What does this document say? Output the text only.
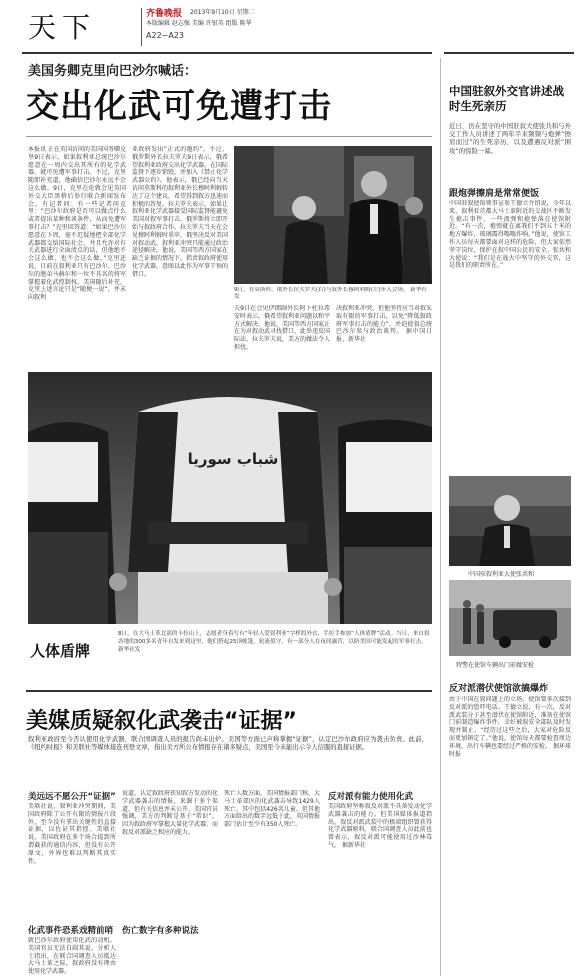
天下	齐鲁晚报 2013年9月10日 星期二
本版编辑 赵志强 美编 许银英 组版 陈华
A22~A23
美国务卿克里向巴沙尔喊话：
交出化武可免遭打击
本报讯 正在英国访问的美国国务卿克里9日表示，如果叙利亚总统巴沙尔愿意在一周内交出其所有的化学武器，就可免遭军事打击。不过，克里随即补充道，他确信巴沙尔永远不会这么做。9日，克里在伦敦会见英国外交大臣黑格后举行联合新闻发布会。有记者问：有一些记者问克里：“巴沙尔政府是否可以做点什么或者提出某种和谈条件，从而免遭军事打击？”克里回答道：“如果巴沙尔愿意在下周，毫不迟疑地把全部化学武器都交给国际社会，并且允许对有关武器进行全面清点的话，但他绝不会这么做，也不会这么做。”克里还说，目前在叙利亚只有巴沙尔、巴沙尔的胞弟马赫尔和一位不具名的将军掌握着化武控制权。美国随后补充，克里上述言论只是“随便一说”，并未向叙利
亚政府发出“正式的邀约”。不过，俄罗斯外长拉夫罗夫9日表示，俄希望叙利亚政府交出化学武器，在国际监督下逐步销毁，并加入《禁止化学武器公约》。他表示，俄已经向当天访问莫斯科的叙利亚外长穆阿利姆转达了这个建议，希望得到叙方迅速而积极的答复。拉夫罗夫表示，如果让叙利亚化学武器接受国际监督能避免美国对叙军事打击，俄罗斯将立即开始与叙政府合作。拉夫罗夫当天在会见穆阿利姆时重申，俄坚决反对美国对叙动武，叙利亚冲突只能通过政治途径解决。他说，美国等西方国家在缺乏证据的情况下，指责叙政府使用化学武器，意图以此作为军事干预的借口。
9日，在莫斯科，俄外长拉夫罗夫(右)与叙外长穆阿利姆(左)步入会场。 新华社发
夫9日在会见伊朗副外长阿卜杜拉希安时表示，俄希望叙利亚问题以和平方式解决。他说，美国等西方国家正在为对叙动武寻找借口，此举违反国际法。拉夫罗夫说，美方的做法令人担忧。
决叙利亚冲突，但他坚持应当对叙采取有限的军事打击，以免“降低叙政府军事打击的能力”，并迫使叙总统巴沙尔参与政治谈判。 据中国日报、新华社
شباب سوريا
人体盾牌
8日，在大马士革北部的卡拉山上，志愿者身着写有“年轻人爱叙利亚”字样的外衣，手拉手参加“人体盾牌”活动。当日，来自叙各地的300多名青年自发来到这里，他们搭起25顶帐篷，轮流值守，有一部分人在夜间露营，以防美国可能发起的军事打击。 新华社发
美媒质疑叙化武袭击“证据”
叙利亚政府至今否认使用化学武器，联合国调查人员的报告尚未出炉。美国等方面已声称掌握“证据”，认定巴沙尔政府应为袭击负责。此前，《纽约时报》和美联社等媒体接连刊登文章，指出美方所公布情报存在诸多疑点，美国至今未能出示令人信服的直接证据。
美远远不愿公开“证据”
美联社说，叙利亚冲突期间，美国政府除了公开有限的情报片段外，至今没有拿出关键性的直接证据，以佐证其指控。美联社说，美国政府在多个场合提到所谓截获的通信内容，但没有公开原文，外界也难以判断其真实性。
化武事件恐系戏精前哨
就巴沙尔政府使用化武的动机，美国官员无法自圆其说。分析人士指出，在联合国调查人员抵达大马士革之际，叙政府没有理由使用化学武器。
说道，认定叙政府获知叙方发动的化学武器袭击的情报，来源于多个渠道，但有关信息并未公开。美国官员强调，美方的判断是基于“常识”，因为叙政府军掌握大量化学武器，而叙反对派缺乏相应的能力。
伤亡数字有多种说法
死亡人数方面，美国情报部门称，大马士革郊区的化武袭击导致1429人死亡，其中包括426名儿童。但其他方面给出的数字远低于此，英国情报部门估计至少有350人死亡。
反对派有能力使用化武
美国政府坚称叙反对派不具备发动化学武器袭击的能力。但美国媒体报道指出，叙反对派武装中的极端组织曾获得化学武器原料，联合国调查人员此前也曾表示，叙反对派可能使用过沙林毒气。 据新华社
中国驻叙外交官讲述战时生死亲历
近日，仍在坚守的中国驻叙大使张共和与外交工作人员讲述了两年半来频频与炮弹“擦肩而过”的生死亲历，以及遭遇反对派“围攻”的惊险一幕。
跟炮弹擦肩是常常便饭
中国驻叙使馆领事宣参王德立介绍说，今年以来，叙利亚首都大马士革附近的交战区不断发生炮击事件，一些流弹和炮弹落在使馆附近。“有一次，炮弹就在离我们不到五十米的地方爆炸，玻璃震得嗡嗡作响。”他说，使馆工作人员每天都要面对这样的危险，但大家依然坚守岗位，保护在叙中国公民的安全。张共和大使说：“我们是在战火中坚守的外交官，这是我们的职责所在。”
中国驻叙利亚大使张共和
特警在使馆车辆出门前做安检
反对派潜伏使馆欲搞爆炸
由于中国在叙问题上的立场，使馆曾多次接到反对派的恐吓电话。王德立说，有一次，反对派武装分子甚至潜伏在使馆附近，准备在使馆门前制造爆炸事件，幸好被叙安全部队及时发现并制止。“经历过这些之后，大家对危险反而更加镇定了。”他说，使馆每天都要检查周边环境，出行车辆也要经过严格的安检。 据环球时报
